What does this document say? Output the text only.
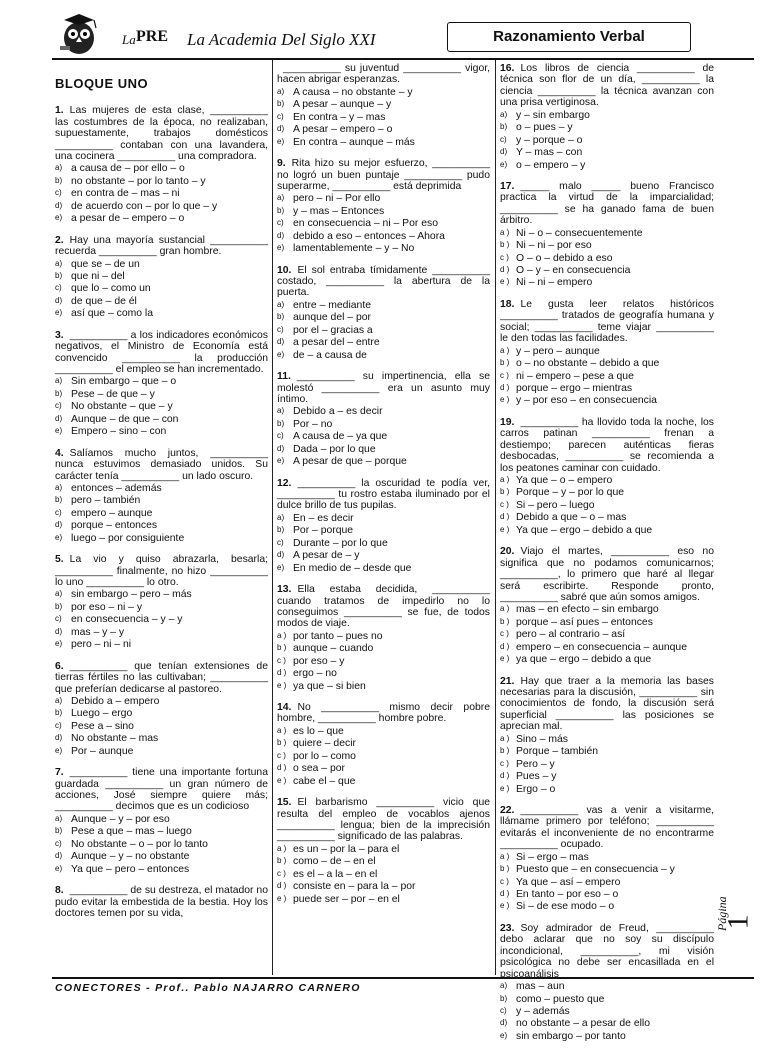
La PRE La Academia Del Siglo XXI	Razonamiento Verbal
BLOQUE UNO
1. Las mujeres de esta clase, __________ las costumbres de la época, no realizaban, supuestamente, trabajos domésticos __________ contaban con una lavandera, una cocinera __________ una compradora.
a) a causa de – por ello – o
b) no obstante – por lo tanto – y
c) en contra de – mas – ni
d) de acuerdo con – por lo que – y
e) a pesar de – empero – o
2. Hay una mayoría sustancial __________ recuerda __________ gran hombre.
a) que se – de un
b) que ni – del
c) que lo – como un
d) de que – de él
e) así que – como la
3. __________ a los indicadores económicos negativos, el Ministro de Economía está convencido __________ la producción __________ el empleo se han incrementado.
a) Sin embargo – que – o
b) Pese – de que – y
c) No obstante – que – y
d) Aunque – de que – con
e) Empero – sino – con
4. Salíamos mucho juntos, __________ nunca estuvimos demasiado unidos. Su carácter tenía __________ un lado oscuro.
a) entonces – además
b) pero – también
c) empero – aunque
d) porque – entonces
e) luego – por consiguiente
5. La vio y quiso abrazarla, besarla; __________ finalmente, no hizo __________ lo uno __________ lo otro.
a) sin embargo – pero – más
b) por eso – ni – y
c) en consecuencia – y – y
d) mas – y – y
e) pero – ni – ni
6. __________ que tenían extensiones de tierras fértiles no las cultivaban; __________ que preferían dedicarse al pastoreo.
a) Debido a – empero
b) Luego – ergo
c) Pese a – sino
d) No obstante – mas
e) Por – aunque
7. __________ tiene una importante fortuna guardada __________ un gran número de acciones, José siempre quiere más; __________ decimos que es un codicioso
a) Aunque – y – por eso
b) Pese a que – mas – luego
c) No obstante – o – por lo tanto
d) Aunque – y – no obstante
e) Ya que – pero – entonces
8. __________ de su destreza, el matador no pudo evitar la embestida de la bestia. Hoy los doctores temen por su vida,
__________ su juventud __________ vigor, hacen abrigar esperanzas.
a) A causa – no obstante – y
b) A pesar – aunque – y
c) En contra – y – mas
d) A pesar – empero – o
e) En contra – aunque – más
9. Rita hizo su mejor esfuerzo, __________ no logró un buen puntaje __________ pudo superarme, __________ está deprimida
a) pero – ni – Por ello
b) y – mas – Entonces
c) en consecuencia – ni – Por eso
d) debido a eso – entonces – Ahora
e) lamentablemente – y – No
10. El sol entraba tímidamente __________ costado, __________ la abertura de la puerta.
a) entre – mediante
b) aunque del – por
c) por el – gracias a
d) a pesar del – entre
e) de – a causa de
11. __________ su impertinencia, ella se molestó __________ era un asunto muy íntimo.
a) Debido a – es decir
b) Por – no
c) A causa de – ya que
d) Dada – por lo que
e) A pesar de que – porque
12. __________ la oscuridad te podía ver, __________ tu rostro estaba iluminado por el dulce brillo de tus pupilas.
a) En – es decir
b) Por – porque
c) Durante – por lo que
d) A pesar de – y
e) En medio de – desde que
13. Ella estaba decidida, __________ cuando tratamos de impedirlo no lo conseguimos __________ se fue, de todos modos de viaje.
a ) por tanto – pues no
b ) aunque – cuando
c ) por eso – y
d ) ergo – no
e ) ya que – si bien
14. No __________ mismo decir pobre hombre, __________ hombre pobre.
a ) es lo – que
b ) quiere – decir
c ) por lo – como
d ) o sea – por
e ) cabe el – que
15. El barbarismo __________ vicio que resulta del empleo de vocablos ajenos __________ lengua; bien de la imprecisión __________ significado de las palabras.
a ) es un – por la – para el
b ) como – de – en el
c ) es el – a la – en el
d ) consiste en – para la – por
e ) puede ser – por – en el
16. Los libros de ciencia __________ de técnica son flor de un día, __________ la ciencia __________ la técnica avanzan con una prisa vertiginosa.
a) y – sin embargo
b) o – pues – y
c) y – porque – o
d) Y – mas – con
e) o – empero – y
17. _____ malo _____ bueno Francisco practica la virtud de la imparcialidad; __________ se ha ganado fama de buen árbitro.
a ) Ni – o – consecuentemente
b ) Ni – ni – por eso
c ) O – o – debido a eso
d ) O – y – en consecuencia
e ) Ni – ni – empero
18. Le gusta leer relatos históricos __________ tratados de geografía humana y social; __________ teme viajar __________ le den todas las facilidades.
a ) y – pero – aunque
b ) o – no obstante – debido a que
c ) ni – empero – pese a que
d ) porque – ergo – mientras
e ) y – por eso – en consecuencia
19. __________ ha llovido toda la noche, los carros patinan __________ frenan a destiempo; parecen auténticas fieras desbocadas, __________ se recomienda a los peatones caminar con cuidado.
a ) Ya que – o – empero
b ) Porque – y – por lo que
c ) Si – pero – luego
d ) Debido a que – o – mas
e ) Ya que – ergo – debido a que
20. Viajo el martes, __________ eso no significa que no podamos comunicarnos; __________, lo primero que haré al llegar será escribirte. Responde pronto, __________ sabré que aún somos amigos.
a ) mas – en efecto – sin embargo
b ) porque – así pues – entonces
c ) pero – al contrario – así
d ) empero – en consecuencia – aunque
e ) ya que – ergo – debido a que
21. Hay que traer a la memoria las bases necesarias para la discusión, __________ sin conocimientos de fondo, la discusión será superficial __________ las posiciones se aprecian mal.
a ) Sino – más
b ) Porque – también
c ) Pero – y
d ) Pues – y
e ) Ergo – o
22. __________ vas a venir a visitarme, llámame primero por teléfono; __________ evitarás el inconveniente de no encontrarme __________ ocupado.
a ) Si – ergo – mas
b ) Puesto que – en consecuencia – y
c ) Ya que – así – empero
d ) En tanto – por eso – o
e ) Si – de ese modo – o
23. Soy admirador de Freud, __________ debo aclarar que no soy su discípulo incondicional, __________, mi visión psicológica no debe ser encasillada en el psicoanálisis
a) mas – aun
b) como – puesto que
c) y – además
d) no obstante – a pesar de ello
e) sin embargo – por tanto
CONECTORES - Prof.. Pablo NAJARRO CARNERO
Página
1
